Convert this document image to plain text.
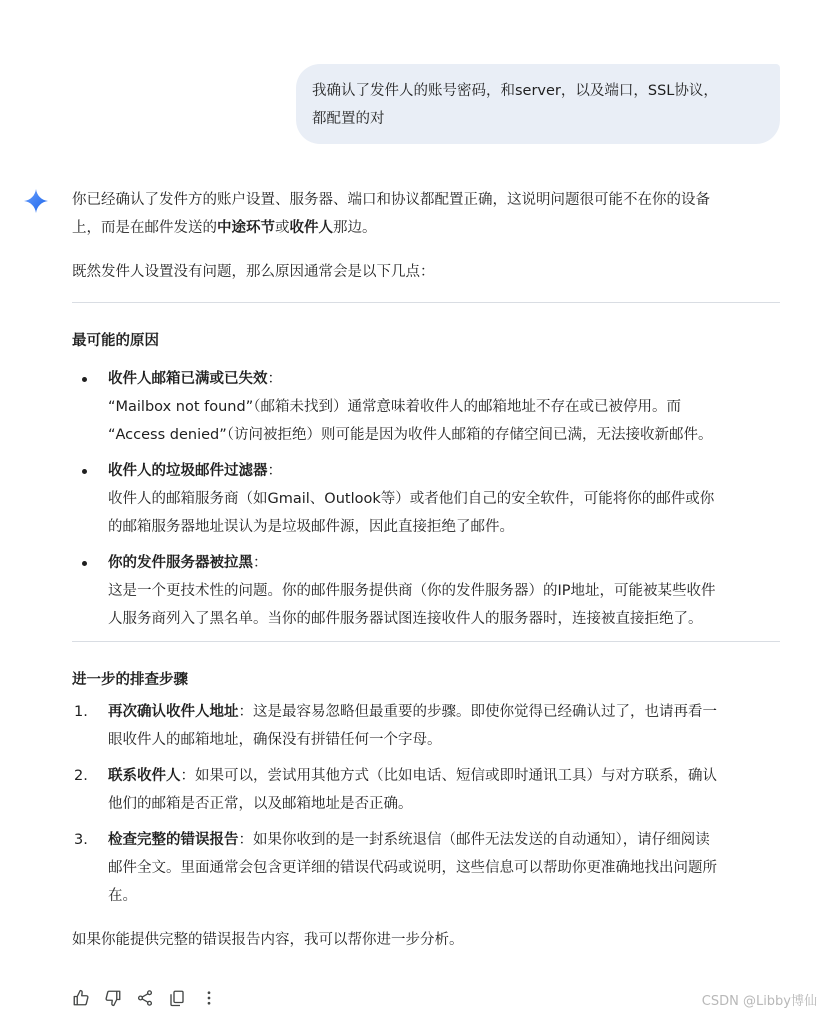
我确认了发件人的账号密码，和server，以及端口，SSL协议，
都配置的对

你已经确认了发件方的账户设置、服务器、端口和协议都配置正确，这说明问题很可能不在你的设备
上，而是在邮件发送的中途环节或收件人那边。

既然发件人设置没有问题，那么原因通常会是以下几点：

最可能的原因

收件人邮箱已满或已失效：
“Mailbox not found”（邮箱未找到）通常意味着收件人的邮箱地址不存在或已被停用。而
“Access denied”（访问被拒绝）则可能是因为收件人邮箱的存储空间已满，无法接收新邮件。
收件人的垃圾邮件过滤器：
收件人的邮箱服务商（如Gmail、Outlook等）或者他们自己的安全软件，可能将你的邮件或你
的邮箱服务器地址误认为是垃圾邮件源，因此直接拒绝了邮件。
你的发件服务器被拉黑：
这是一个更技术性的问题。你的邮件服务提供商（你的发件服务器）的IP地址，可能被某些收件
人服务商列入了黑名单。当你的邮件服务器试图连接收件人的服务器时，连接被直接拒绝了。

进一步的排查步骤

1.	再次确认收件人地址：这是最容易忽略但最重要的步骤。即使你觉得已经确认过了，也请再看一
眼收件人的邮箱地址，确保没有拼错任何一个字母。
2.	联系收件人：如果可以，尝试用其他方式（比如电话、短信或即时通讯工具）与对方联系，确认
他们的邮箱是否正常，以及邮箱地址是否正确。
3.	检查完整的错误报告：如果你收到的是一封系统退信（邮件无法发送的自动通知），请仔细阅读
邮件全文。里面通常会包含更详细的错误代码或说明，这些信息可以帮助你更准确地找出问题所
在。

如果你能提供完整的错误报告内容，我可以帮你进一步分析。

CSDN @Libby博仙
